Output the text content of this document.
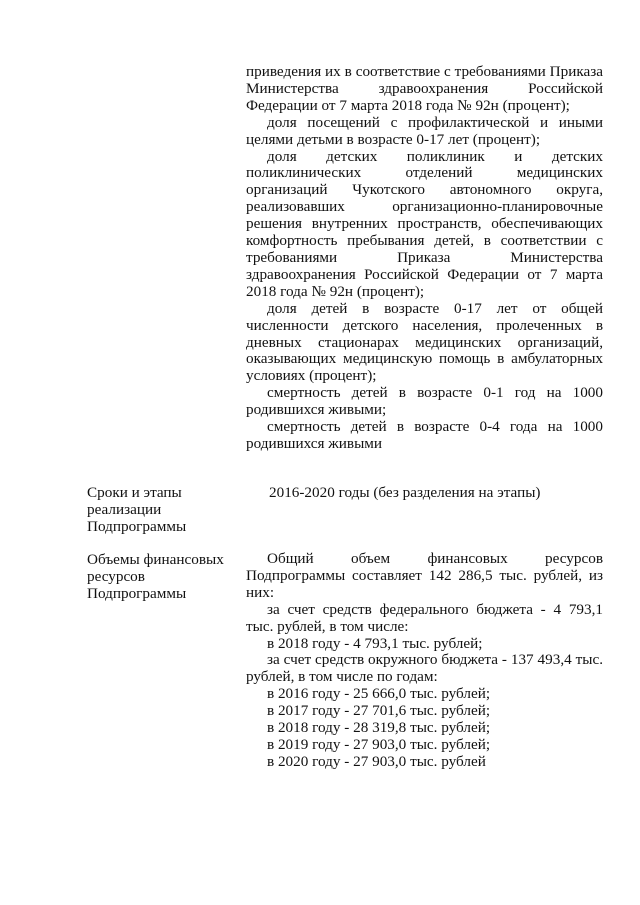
приведения их в соответствие с требованиями Приказа Министерства здравоохранения Российской Федерации от 7 марта 2018 года № 92н (процент);

доля посещений с профилактической и иными целями детьми в возрасте 0-17 лет (процент);

доля детских поликлиник и детских поликлинических отделений медицинских организаций Чукотского автономного округа, реализовавших организационно-планировочные решения внутренних пространств, обеспечивающих комфортность пребывания детей, в соответствии с требованиями Приказа Министерства здравоохранения Российской Федерации от 7 марта 2018 года № 92н (процент);

доля детей в возрасте 0-17 лет от общей численности детского населения, пролеченных в дневных стационарах медицинских организаций, оказывающих медицинскую помощь в амбулаторных условиях (процент);

смертность детей в возрасте 0-1 год на 1000 родившихся живыми;

смертность детей в возрасте 0-4 года на 1000 родившихся живыми

Сроки и этапы реализации Подпрограммы

2016-2020 годы (без разделения на этапы)

Объемы финансовых ресурсов Подпрограммы

Общий объем финансовых ресурсов Подпрограммы составляет 142 286,5 тыс. рублей, из них:

за счет средств федерального бюджета - 4 793,1 тыс. рублей, в том числе:

в 2018 году - 4 793,1 тыс. рублей;

за счет средств окружного бюджета - 137 493,4 тыс. рублей, в том числе по годам:

в 2016 году - 25 666,0 тыс. рублей;

в 2017 году - 27 701,6 тыс. рублей;

в 2018 году - 28 319,8 тыс. рублей;

в 2019 году - 27 903,0 тыс. рублей;

в 2020 году - 27 903,0 тыс. рублей
